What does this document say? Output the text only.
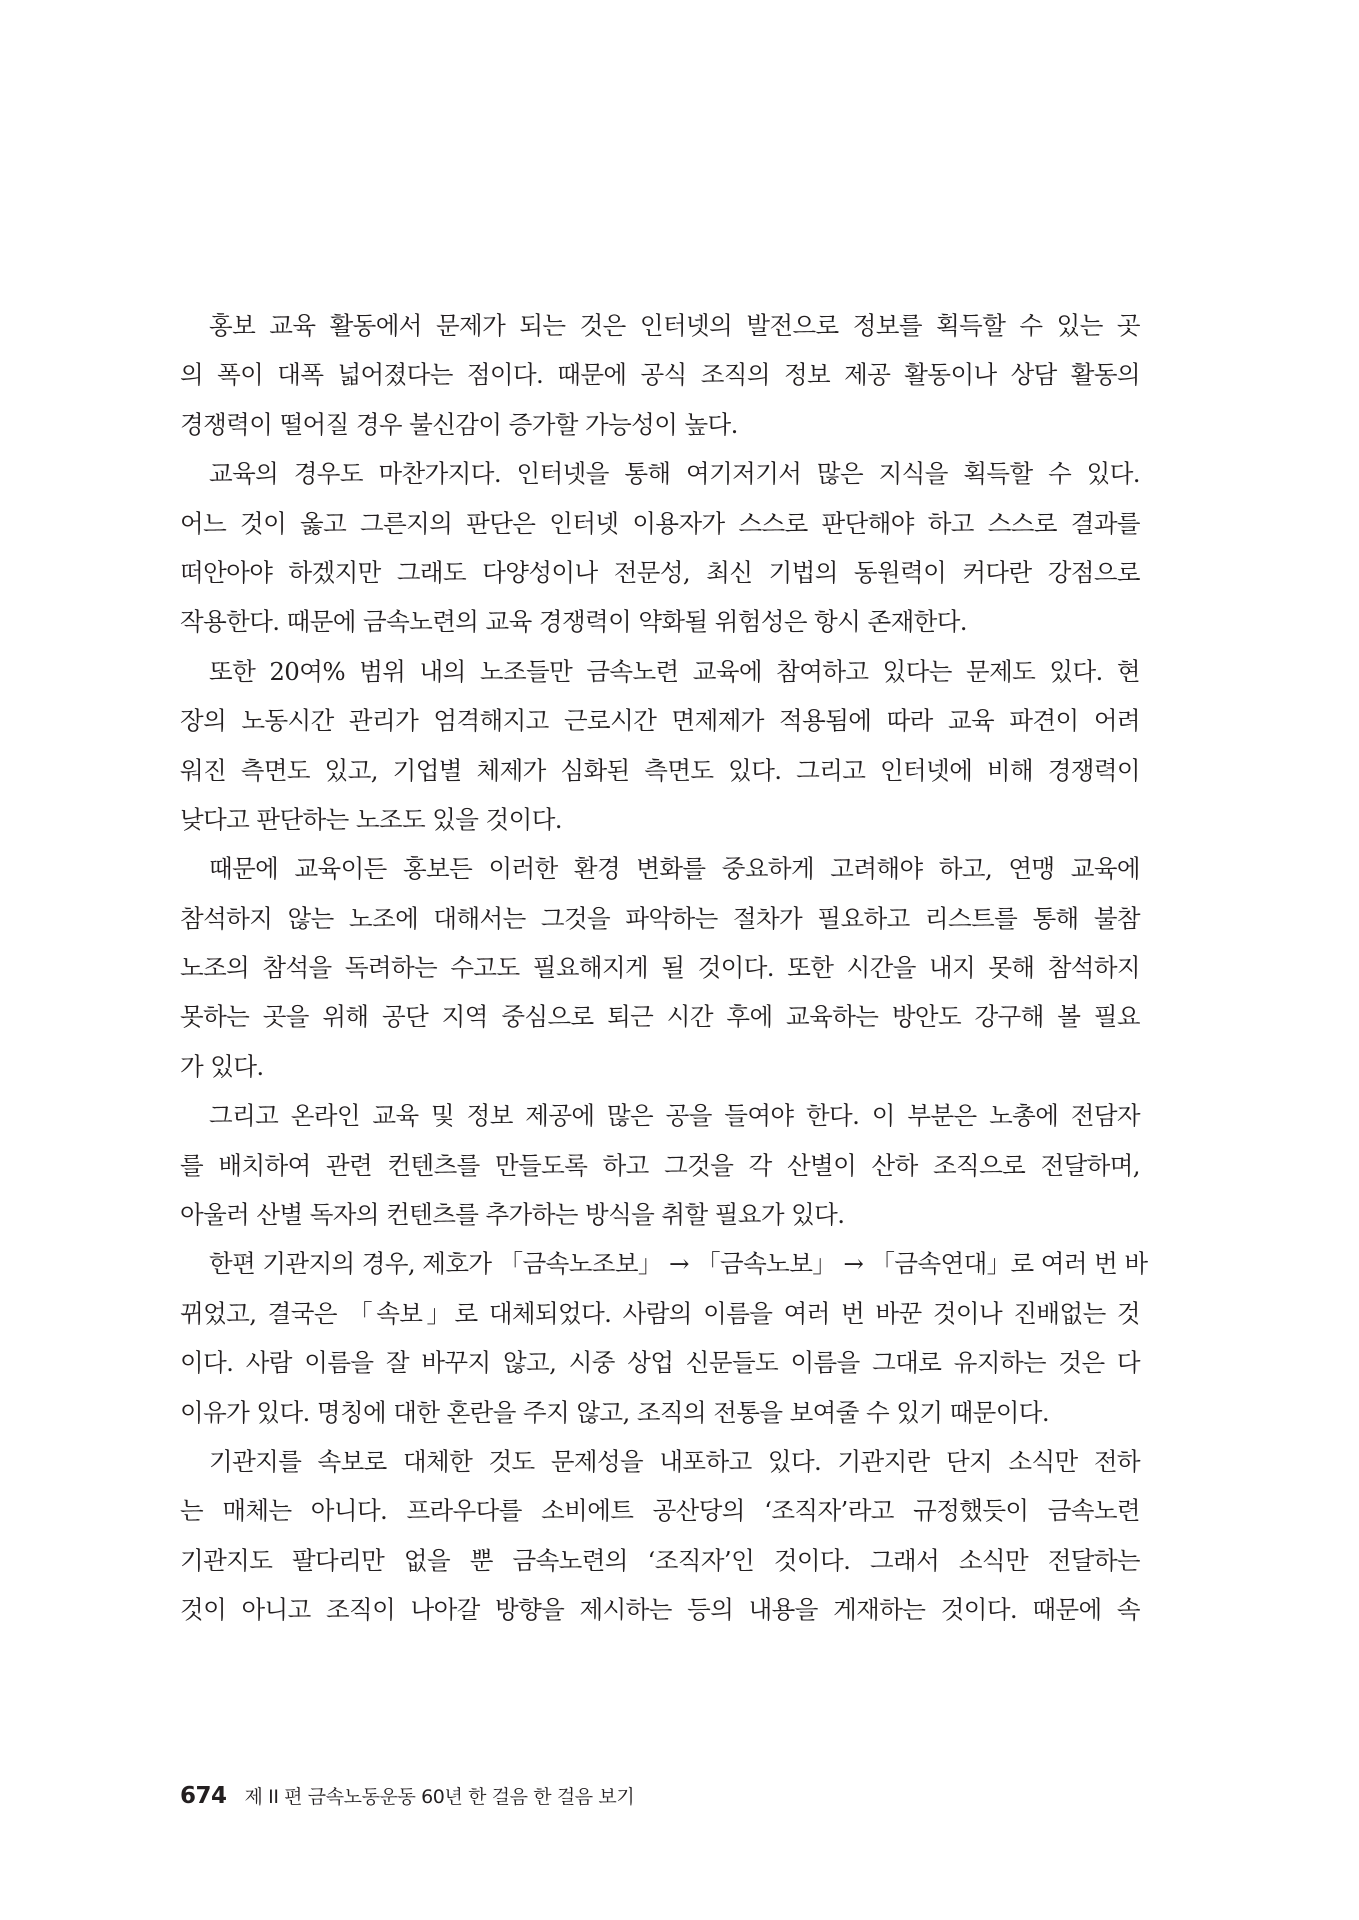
홍보 교육 활동에서 문제가 되는 것은 인터넷의 발전으로 정보를 획득할 수 있는 곳
의 폭이 대폭 넓어졌다는 점이다. 때문에 공식 조직의 정보 제공 활동이나 상담 활동의
경쟁력이 떨어질 경우 불신감이 증가할 가능성이 높다.
교육의 경우도 마찬가지다. 인터넷을 통해 여기저기서 많은 지식을 획득할 수 있다.
어느 것이 옳고 그른지의 판단은 인터넷 이용자가 스스로 판단해야 하고 스스로 결과를
떠안아야 하겠지만 그래도 다양성이나 전문성, 최신 기법의 동원력이 커다란 강점으로
작용한다. 때문에 금속노련의 교육 경쟁력이 약화될 위험성은 항시 존재한다.
또한 20여% 범위 내의 노조들만 금속노련 교육에 참여하고 있다는 문제도 있다. 현
장의 노동시간 관리가 엄격해지고 근로시간 면제제가 적용됨에 따라 교육 파견이 어려
워진 측면도 있고, 기업별 체제가 심화된 측면도 있다. 그리고 인터넷에 비해 경쟁력이
낮다고 판단하는 노조도 있을 것이다.
때문에 교육이든 홍보든 이러한 환경 변화를 중요하게 고려해야 하고, 연맹 교육에
참석하지 않는 노조에 대해서는 그것을 파악하는 절차가 필요하고 리스트를 통해 불참
노조의 참석을 독려하는 수고도 필요해지게 될 것이다. 또한 시간을 내지 못해 참석하지
못하는 곳을 위해 공단 지역 중심으로 퇴근 시간 후에 교육하는 방안도 강구해 볼 필요
가 있다.
그리고 온라인 교육 및 정보 제공에 많은 공을 들여야 한다. 이 부분은 노총에 전담자
를 배치하여 관련 컨텐츠를 만들도록 하고 그것을 각 산별이 산하 조직으로 전달하며,
아울러 산별 독자의 컨텐츠를 추가하는 방식을 취할 필요가 있다.
한편 기관지의 경우, 제호가 「금속노조보」 → 「금속노보」 → 「금속연대」로 여러 번 바
뀌었고, 결국은 「속보」로 대체되었다. 사람의 이름을 여러 번 바꾼 것이나 진배없는 것
이다. 사람 이름을 잘 바꾸지 않고, 시중 상업 신문들도 이름을 그대로 유지하는 것은 다
이유가 있다. 명칭에 대한 혼란을 주지 않고, 조직의 전통을 보여줄 수 있기 때문이다.
기관지를 속보로 대체한 것도 문제성을 내포하고 있다. 기관지란 단지 소식만 전하
는 매체는 아니다. 프라우다를 소비에트 공산당의 ‘조직자’라고 규정했듯이 금속노련
기관지도 팔다리만 없을 뿐 금속노련의 ‘조직자’인 것이다. 그래서 소식만 전달하는
것이 아니고 조직이 나아갈 방향을 제시하는 등의 내용을 게재하는 것이다. 때문에 속
674 제 II 편 금속노동운동 60년 한 걸음 한 걸음 보기
